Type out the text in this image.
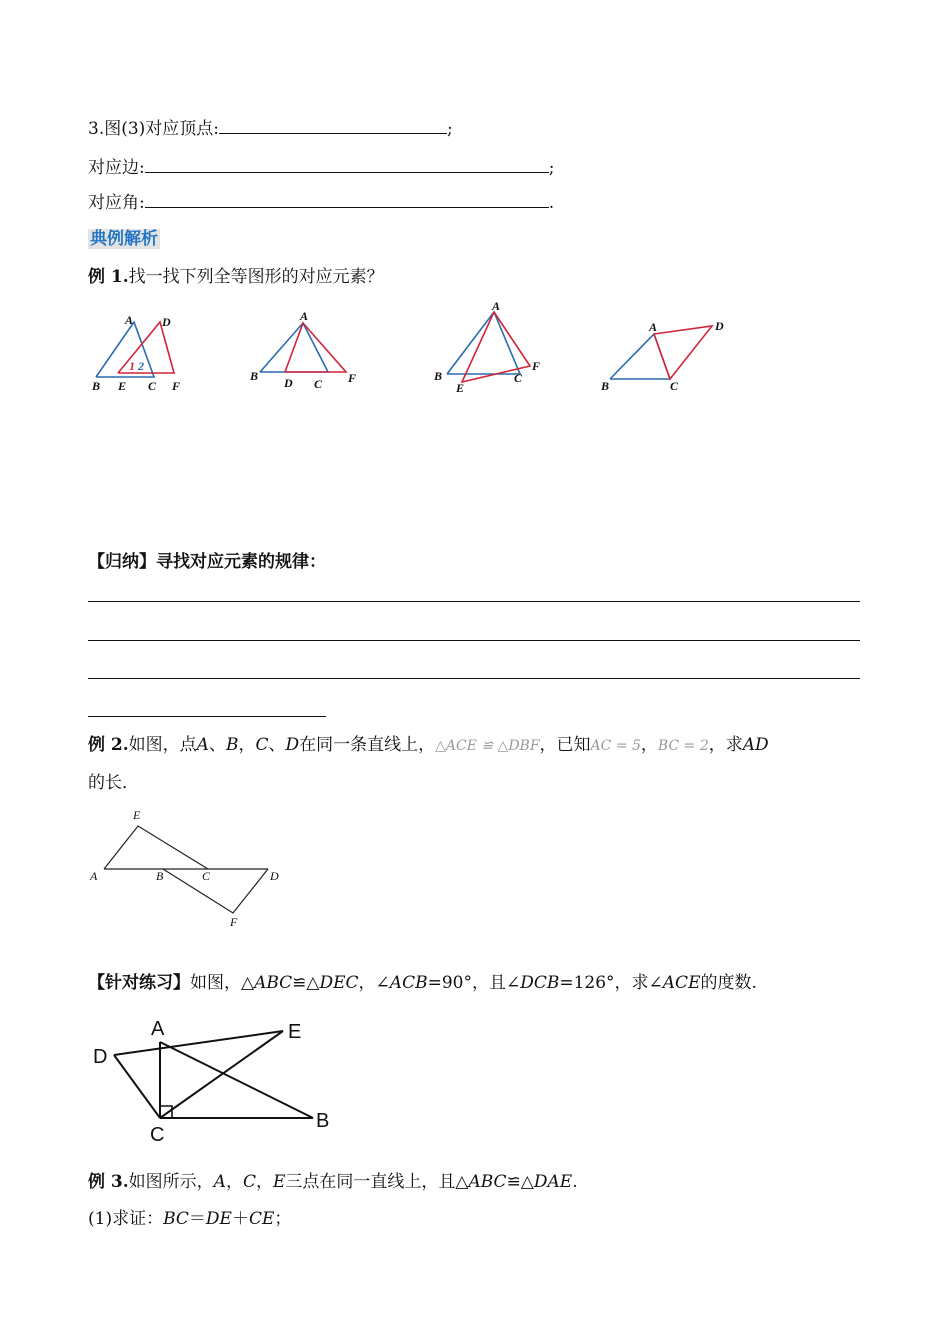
3.图(3)对应顶点:	;
对应边:	;
对应角:	.
典例解析
例 1.找一找下列全等图形的对应元素？
A D
B E C F
1 2
A
B D C F
A
B	C
F
E
A	D
B	C
【归纳】寻找对应元素的规律：
例 2.如图，点A、B，C、D在同一条直线上，△ACE ≌ △DBF，已知AC = 5，BC = 2，求AD
的长．
E
A	B	C	D
F
【针对练习】如图，△ABC≌△DEC，∠ACB=90°，且∠DCB=126°，求∠ACE的度数.
A	E
D
C
B
例 3.如图所示，A，C，E三点在同一直线上，且△ABC≌△DAE.
(1)求证：BC＝DE＋CE；
